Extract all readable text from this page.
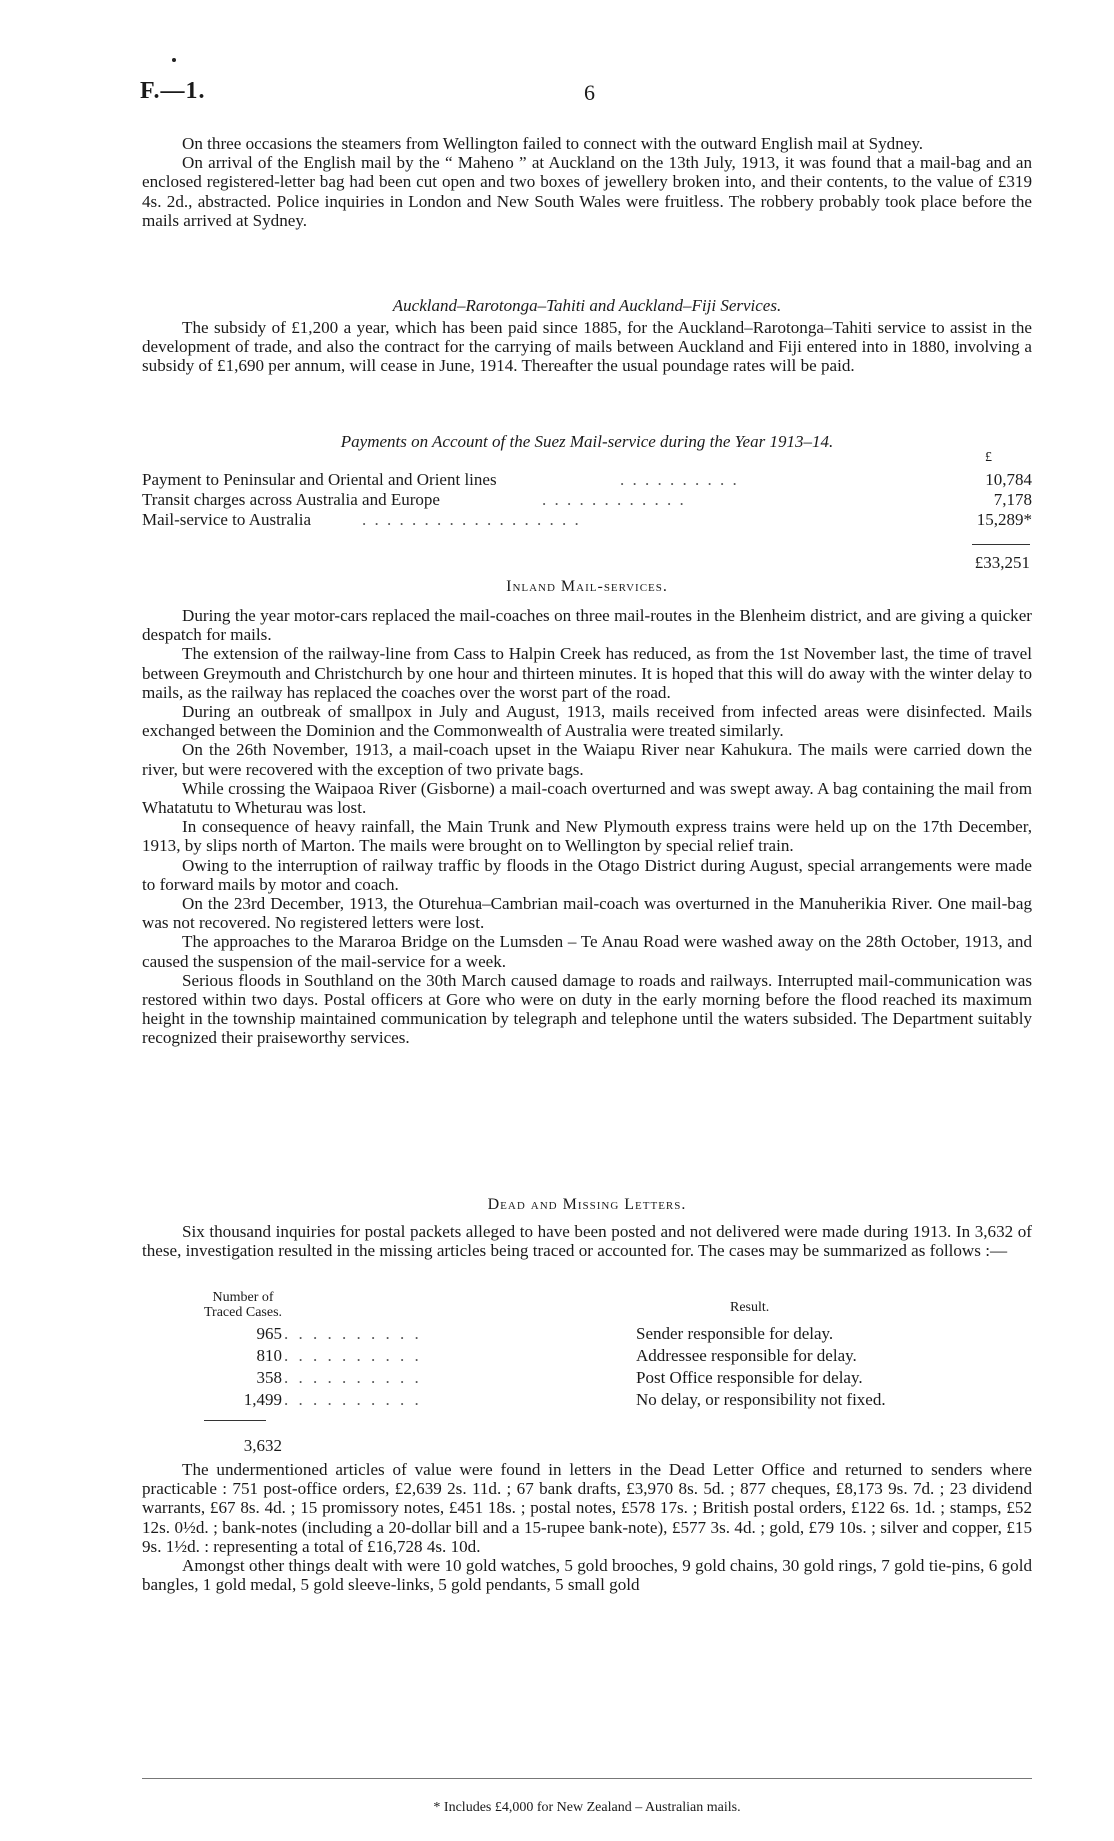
F.—1.	6

On three occasions the steamers from Wellington failed to connect with the outward English mail at Sydney.

On arrival of the English mail by the “ Maheno ” at Auckland on the 13th July, 1913, it was found that a mail-bag and an enclosed registered-letter bag had been cut open and two boxes of jewellery broken into, and their contents, to the value of £319 4s. 2d., abstracted. Police inquiries in London and New South Wales were fruitless. The robbery probably took place before the mails arrived at Sydney.

Auckland–Rarotonga–Tahiti and Auckland–Fiji Services.

The subsidy of £1,200 a year, which has been paid since 1885, for the Auckland–Rarotonga–Tahiti service to assist in the development of trade, and also the contract for the carrying of mails between Auckland and Fiji entered into in 1880, involving a subsidy of £1,690 per annum, will cease in June, 1914. Thereafter the usual poundage rates will be paid.

Payments on Account of the Suez Mail-service during the Year 1913–14.
£
Payment to Peninsular and Oriental and Orient lines	. . . . . . . . . .	10,784
Transit charges across Australia and Europe	. . . . . . . . . . . .	7,178
Mail-service to Australia	. . . . . . . . . . . . . . . . . .	15,289*
£33,251
Inland Mail-services.

During the year motor-cars replaced the mail-coaches on three mail-routes in the Blenheim district, and are giving a quicker despatch for mails.

The extension of the railway-line from Cass to Halpin Creek has reduced, as from the 1st November last, the time of travel between Greymouth and Christchurch by one hour and thirteen minutes. It is hoped that this will do away with the winter delay to mails, as the railway has replaced the coaches over the worst part of the road.

During an outbreak of smallpox in July and August, 1913, mails received from infected areas were disinfected. Mails exchanged between the Dominion and the Commonwealth of Australia were treated similarly.

On the 26th November, 1913, a mail-coach upset in the Waiapu River near Kahukura. The mails were carried down the river, but were recovered with the exception of two private bags.

While crossing the Waipaoa River (Gisborne) a mail-coach overturned and was swept away. A bag containing the mail from Whatatutu to Wheturau was lost.

In consequence of heavy rainfall, the Main Trunk and New Plymouth express trains were held up on the 17th December, 1913, by slips north of Marton. The mails were brought on to Wellington by special relief train.

Owing to the interruption of railway traffic by floods in the Otago District during August, special arrangements were made to forward mails by motor and coach.

On the 23rd December, 1913, the Oturehua–Cambrian mail-coach was overturned in the Manuherikia River. One mail-bag was not recovered. No registered letters were lost.

The approaches to the Mararoa Bridge on the Lumsden – Te Anau Road were washed away on the 28th October, 1913, and caused the suspension of the mail-service for a week.

Serious floods in Southland on the 30th March caused damage to roads and railways. Interrupted mail-communication was restored within two days. Postal officers at Gore who were on duty in the early morning before the flood reached its maximum height in the township maintained communication by telegraph and telephone until the waters subsided. The Department suitably recognized their praiseworthy services.

Dead and Missing Letters.

Six thousand inquiries for postal packets alleged to have been posted and not delivered were made during 1913. In 3,632 of these, investigation resulted in the missing articles being traced or accounted for. The cases may be summarized as follows :—

Number of
Traced Cases.	Result.
965 . . . . . . . . . .	Sender responsible for delay.
810 . . . . . . . . . .	Addressee responsible for delay.
358 . . . . . . . . . .	Post Office responsible for delay.
1,499 . . . . . . . . . .	No delay, or responsibility not fixed.
3,632

The undermentioned articles of value were found in letters in the Dead Letter Office and returned to senders where practicable : 751 post-office orders, £2,639 2s. 11d. ; 67 bank drafts, £3,970 8s. 5d. ; 877 cheques, £8,173 9s. 7d. ; 23 dividend warrants, £67 8s. 4d. ; 15 promissory notes, £451 18s. ; postal notes, £578 17s. ; British postal orders, £122 6s. 1d. ; stamps, £52 12s. 0½d. ; bank-notes (including a 20-dollar bill and a 15-rupee bank-note), £577 3s. 4d. ; gold, £79 10s. ; silver and copper, £15 9s. 1½d. : representing a total of £16,728 4s. 10d.

Amongst other things dealt with were 10 gold watches, 5 gold brooches, 9 gold chains, 30 gold rings, 7 gold tie-pins, 6 gold bangles, 1 gold medal, 5 gold sleeve-links, 5 gold pendants, 5 small gold

* Includes £4,000 for New Zealand – Australian mails.
